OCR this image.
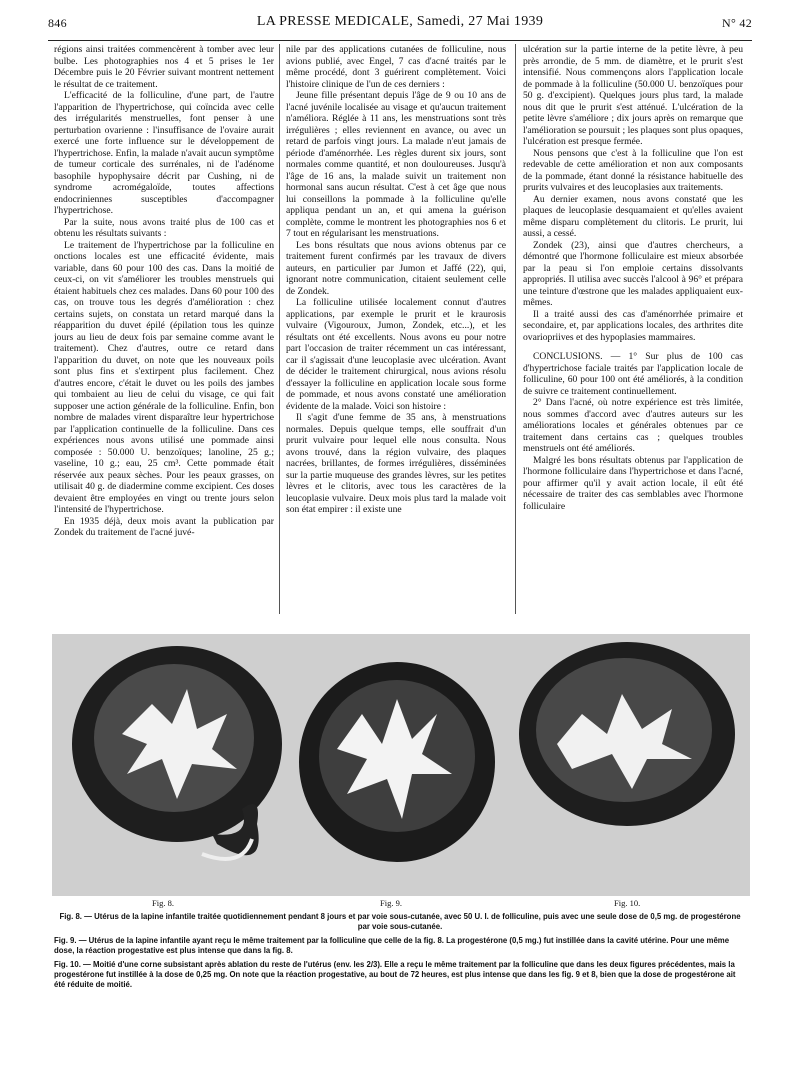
846	LA PRESSE MEDICALE, Samedi, 27 Mai 1939	N° 42

régions ainsi traitées commencèrent à tomber avec leur bulbe. Les photographies nos 4 et 5 prises le 1er Décembre puis le 20 Février suivant montrent nettement le résultat de ce traitement.

L'efficacité de la folliculine, d'une part, de l'autre l'apparition de l'hypertrichose, qui coïncida avec celle des irrégularités menstruelles, font penser à une perturbation ovarienne : l'insuffisance de l'ovaire aurait exercé une forte influence sur le développement de l'hypertrichose. Enfin, la malade n'avait aucun symptôme de tumeur corticale des surrénales, ni de l'adénome basophile hypophysaire décrit par Cushing, ni de syndrome acromégaloïde, toutes affections endocriniennes susceptibles d'accompagner l'hypertrichose.

Par la suite, nous avons traité plus de 100 cas et obtenu les résultats suivants :

Le traitement de l'hypertrichose par la folliculine en onctions locales est une efficacité évidente, mais variable, dans 60 pour 100 des cas. Dans la moitié de ceux-ci, on vit s'améliorer les troubles menstruels qui étaient habituels chez ces malades. Dans 60 pour 100 des cas, on trouve tous les degrés d'amélioration : chez certains sujets, on constata un retard marqué dans la réapparition du duvet épilé (épilation tous les quinze jours au lieu de deux fois par semaine comme avant le traitement). Chez d'autres, outre ce retard dans l'apparition du duvet, on note que les nouveaux poils sont plus fins et s'extirpent plus facilement. Chez d'autres encore, c'était le duvet ou les poils des jambes qui tombaient au lieu de celui du visage, ce qui fait supposer une action générale de la folliculine. Enfin, bon nombre de malades virent disparaître leur hypertrichose par l'application continuelle de la folliculine. Dans ces expériences nous avons utilisé une pommade ainsi composée : 50.000 U. benzoïques; lanoline, 25 g.; vaseline, 10 g.; eau, 25 cm³. Cette pommade était réservée aux peaux sèches. Pour les peaux grasses, on utilisait 40 g. de diadermine comme excipient. Ces doses devaient être employées en vingt ou trente jours selon l'intensité de l'hypertrichose.

En 1935 déjà, deux mois avant la publication par Zondek du traitement de l'acné juvé-

nile par des applications cutanées de folliculine, nous avions publié, avec Engel, 7 cas d'acné traités par le même procédé, dont 3 guérirent complètement. Voici l'histoire clinique de l'un de ces derniers :

Jeune fille présentant depuis l'âge de 9 ou 10 ans de l'acné juvénile localisée au visage et qu'aucun traitement n'améliora. Réglée à 11 ans, les menstruations sont très irrégulières ; elles reviennent en avance, ou avec un retard de parfois vingt jours. La malade n'eut jamais de période d'aménorrhée. Les règles durent six jours, sont normales comme quantité, et non douloureuses. Jusqu'à l'âge de 16 ans, la malade suivit un traitement non hormonal sans aucun résultat. C'est à cet âge que nous lui conseillons la pommade à la folliculine qu'elle appliqua pendant un an, et qui amena la guérison complète, comme le montrent les photographies nos 6 et 7 tout en régularisant les menstruations.

Les bons résultats que nous avions obtenus par ce traitement furent confirmés par les travaux de divers auteurs, en particulier par Jumon et Jaffé (22), qui, ignorant notre communication, citaient seulement celle de Zondek.

La folliculine utilisée localement connut d'autres applications, par exemple le prurit et le kraurosis vulvaire (Vigouroux, Jumon, Zondek, etc...), et les résultats ont été excellents. Nous avons eu pour notre part l'occasion de traiter récemment un cas intéressant, car il s'agissait d'une leucoplasie avec ulcération. Avant de décider le traitement chirurgical, nous avions résolu d'essayer la folliculine en application locale sous forme de pommade, et nous avons constaté une amélioration évidente de la malade. Voici son histoire :

Il s'agit d'une femme de 35 ans, à menstruations normales. Depuis quelque temps, elle souffrait d'un prurit vulvaire pour lequel elle nous consulta. Nous avons trouvé, dans la région vulvaire, des plaques nacrées, brillantes, de formes irrégulières, disséminées sur la partie muqueuse des grandes lèvres, sur les petites lèvres et le clitoris, avec tous les caractères de la leucoplasie vulvaire. Deux mois plus tard la malade voit son état empirer : il existe une

ulcération sur la partie interne de la petite lèvre, à peu près arrondie, de 5 mm. de diamètre, et le prurit s'est intensifié. Nous commençons alors l'application locale de pommade à la folliculine (50.000 U. benzoïques pour 50 g. d'excipient). Quelques jours plus tard, la malade nous dit que le prurit s'est atténué. L'ulcération de la petite lèvre s'améliore ; dix jours après on remarque que l'amélioration se poursuit ; les plaques sont plus opaques, l'ulcération est presque fermée.

Nous pensons que c'est à la folliculine que l'on est redevable de cette amélioration et non aux composants de la pommade, étant donné la résistance habituelle des prurits vulvaires et des leucoplasies aux traitements.

Au dernier examen, nous avons constaté que les plaques de leucoplasie desquamaient et qu'elles avaient même disparu complètement du clitoris. Le prurit, lui aussi, a cessé.

Zondek (23), ainsi que d'autres chercheurs, a démontré que l'hormone folliculaire est mieux absorbée par la peau si l'on emploie certains dissolvants appropriés. Il utilisa avec succès l'alcool à 96° et prépara une teinture d'œstrone que les malades appliquaient eux-mêmes.

Il a traité aussi des cas d'aménorrhée primaire et secondaire, et, par applications locales, des arthrites dite ovariopriives et des hypoplasies mammaires.

CONCLUSIONS. — 1° Sur plus de 100 cas d'hypertrichose faciale traités par l'application locale de folliculine, 60 pour 100 ont été améliorés, à la condition de suivre ce traitement continuellement.

2° Dans l'acné, où notre expérience est très limitée, nous sommes d'accord avec d'autres auteurs sur les améliorations locales et générales obtenues par ce traitement dans certains cas ; quelques troubles menstruels ont été améliorés.

Malgré les bons résultats obtenus par l'application de l'hormone folliculaire dans l'hypertrichose et dans l'acné, pour affirmer qu'il y avait action locale, il eût été nécessaire de traiter des cas semblables avec l'hormone folliculaire

Fig. 8.	Fig. 9.	Fig. 10.

Fig. 8. — Utérus de la lapine infantile traitée quotidiennement pendant 8 jours et par voie sous-cutanée, avec 50 U. I. de folliculine, puis avec une seule dose de 0,5 mg. de progestérone par voie sous-cutanée.

Fig. 9. — Utérus de la lapine infantile ayant reçu le même traitement par la folliculine que celle de la fig. 8. La progestérone (0,5 mg.) fut instillée dans la cavité utérine. Pour une même dose, la réaction progestative est plus intense que dans la fig. 8.

Fig. 10. — Moitié d'une corne subsistant après ablation du reste de l'utérus (env. les 2/3). Elle a reçu le même traitement par la folliculine que dans les deux figures précédentes, mais la progestérone fut instillée à la dose de 0,25 mg. On note que la réaction progestative, au bout de 72 heures, est plus intense que dans les fig. 9 et 8, bien que la dose de progestérone ait été réduite de moitié.
